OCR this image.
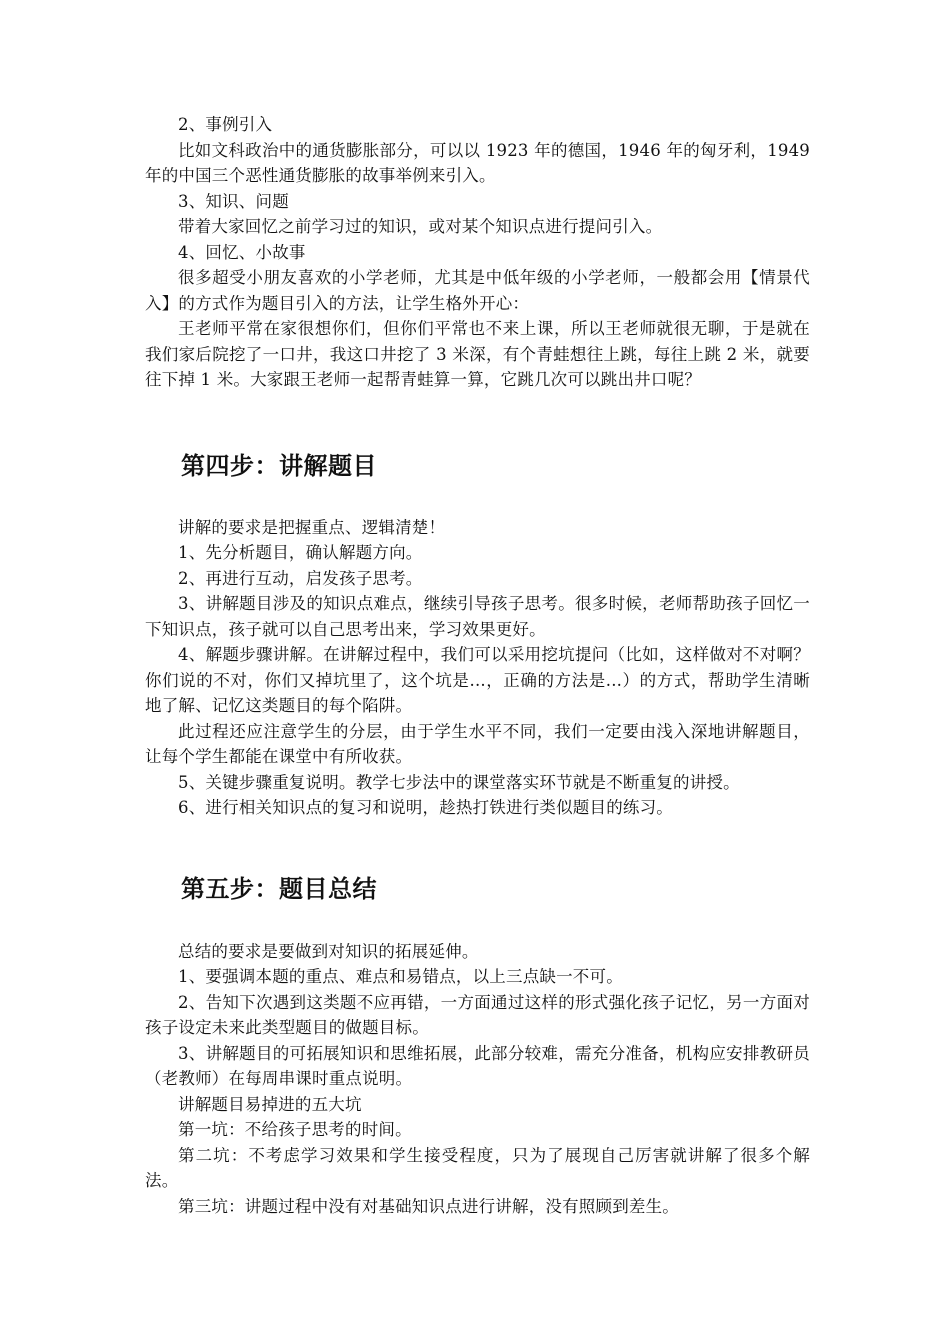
2、事例引入

比如文科政治中的通货膨胀部分，可以以 1923 年的德国，1946 年的匈牙利，1949 年的中国三个恶性通货膨胀的故事举例来引入。

3、知识、问题

带着大家回忆之前学习过的知识，或对某个知识点进行提问引入。

4、回忆、小故事

很多超受小朋友喜欢的小学老师，尤其是中低年级的小学老师，一般都会用【情景代入】的方式作为题目引入的方法，让学生格外开心：

王老师平常在家很想你们，但你们平常也不来上课，所以王老师就很无聊，于是就在我们家后院挖了一口井，我这口井挖了 3 米深，有个青蛙想往上跳，每往上跳 2 米，就要往下掉 1 米。大家跟王老师一起帮青蛙算一算，它跳几次可以跳出井口呢？

第四步：讲解题目

讲解的要求是把握重点、逻辑清楚！

1、先分析题目，确认解题方向。

2、再进行互动，启发孩子思考。

3、讲解题目涉及的知识点难点，继续引导孩子思考。很多时候，老师帮助孩子回忆一下知识点，孩子就可以自己思考出来，学习效果更好。

4、解题步骤讲解。在讲解过程中，我们可以采用挖坑提问（比如，这样做对不对啊？你们说的不对，你们又掉坑里了，这个坑是...，正确的方法是...）的方式，帮助学生清晰地了解、记忆这类题目的每个陷阱。

此过程还应注意学生的分层，由于学生水平不同，我们一定要由浅入深地讲解题目，让每个学生都能在课堂中有所收获。

5、关键步骤重复说明。教学七步法中的课堂落实环节就是不断重复的讲授。

6、进行相关知识点的复习和说明，趁热打铁进行类似题目的练习。

第五步：题目总结

总结的要求是要做到对知识的拓展延伸。

1、要强调本题的重点、难点和易错点，以上三点缺一不可。

2、告知下次遇到这类题不应再错，一方面通过这样的形式强化孩子记忆，另一方面对孩子设定未来此类型题目的做题目标。

3、讲解题目的可拓展知识和思维拓展，此部分较难，需充分准备，机构应安排教研员（老教师）在每周串课时重点说明。

讲解题目易掉进的五大坑

第一坑：不给孩子思考的时间。

第二坑：不考虑学习效果和学生接受程度，只为了展现自己厉害就讲解了很多个解法。

第三坑：讲题过程中没有对基础知识点进行讲解，没有照顾到差生。
